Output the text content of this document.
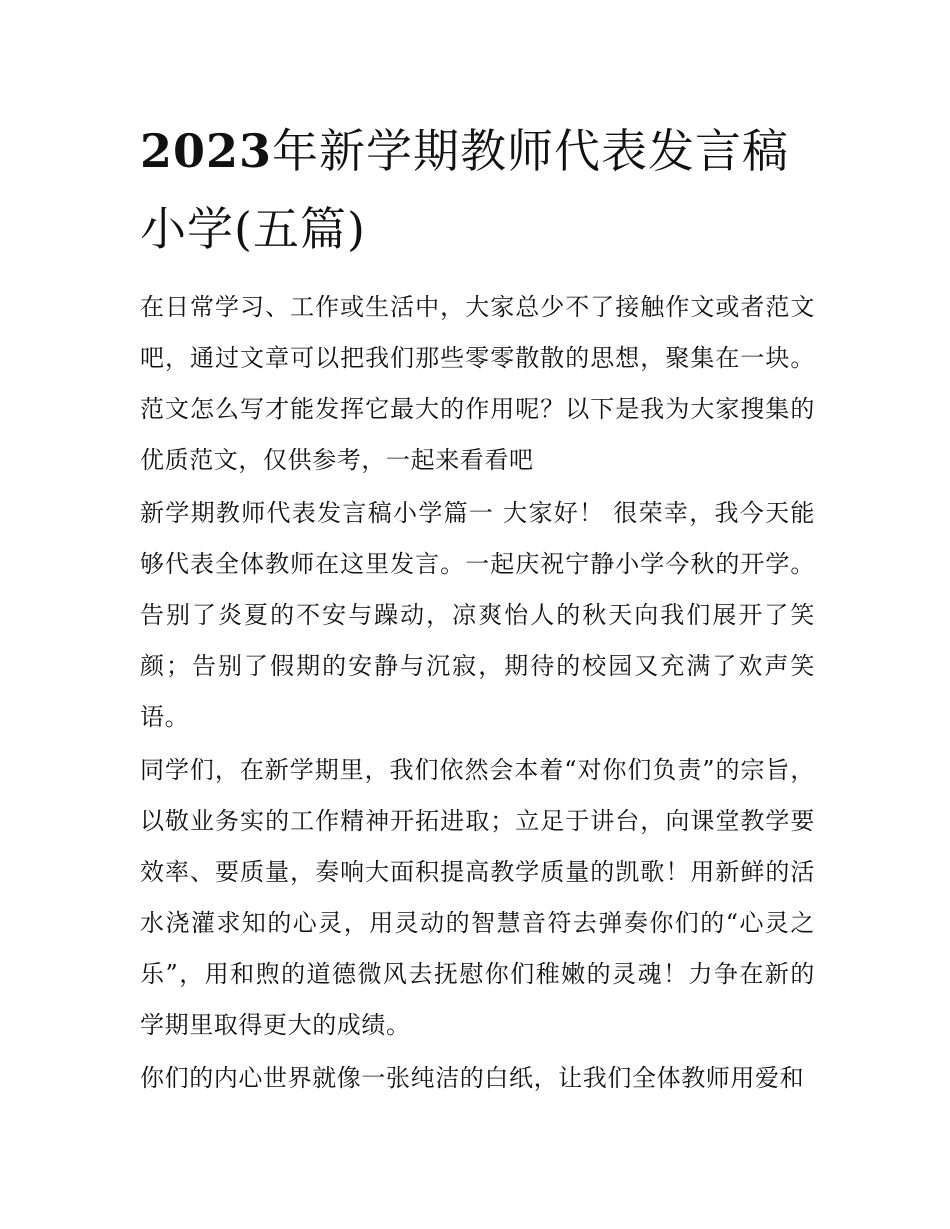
2023年新学期教师代表发言稿小学(五篇)

在日常学习、工作或生活中，大家总少不了接触作文或者范文吧，通过文章可以把我们那些零零散散的思想，聚集在一块。范文怎么写才能发挥它最大的作用呢？以下是我为大家搜集的优质范文，仅供参考，一起来看看吧

新学期教师代表发言稿小学篇一 大家好！ 很荣幸，我今天能够代表全体教师在这里发言。一起庆祝宁静小学今秋的开学。告别了炎夏的不安与躁动，凉爽怡人的秋天向我们展开了笑颜；告别了假期的安静与沉寂，期待的校园又充满了欢声笑语。

同学们，在新学期里，我们依然会本着“对你们负责”的宗旨，以敬业务实的工作精神开拓进取；立足于讲台，向课堂教学要效率、要质量，奏响大面积提高教学质量的凯歌！用新鲜的活水浇灌求知的心灵，用灵动的智慧音符去弹奏你们的“心灵之乐”，用和煦的道德微风去抚慰你们稚嫩的灵魂！力争在新的学期里取得更大的成绩。

你们的内心世界就像一张纯洁的白纸，让我们全体教师用爱和
